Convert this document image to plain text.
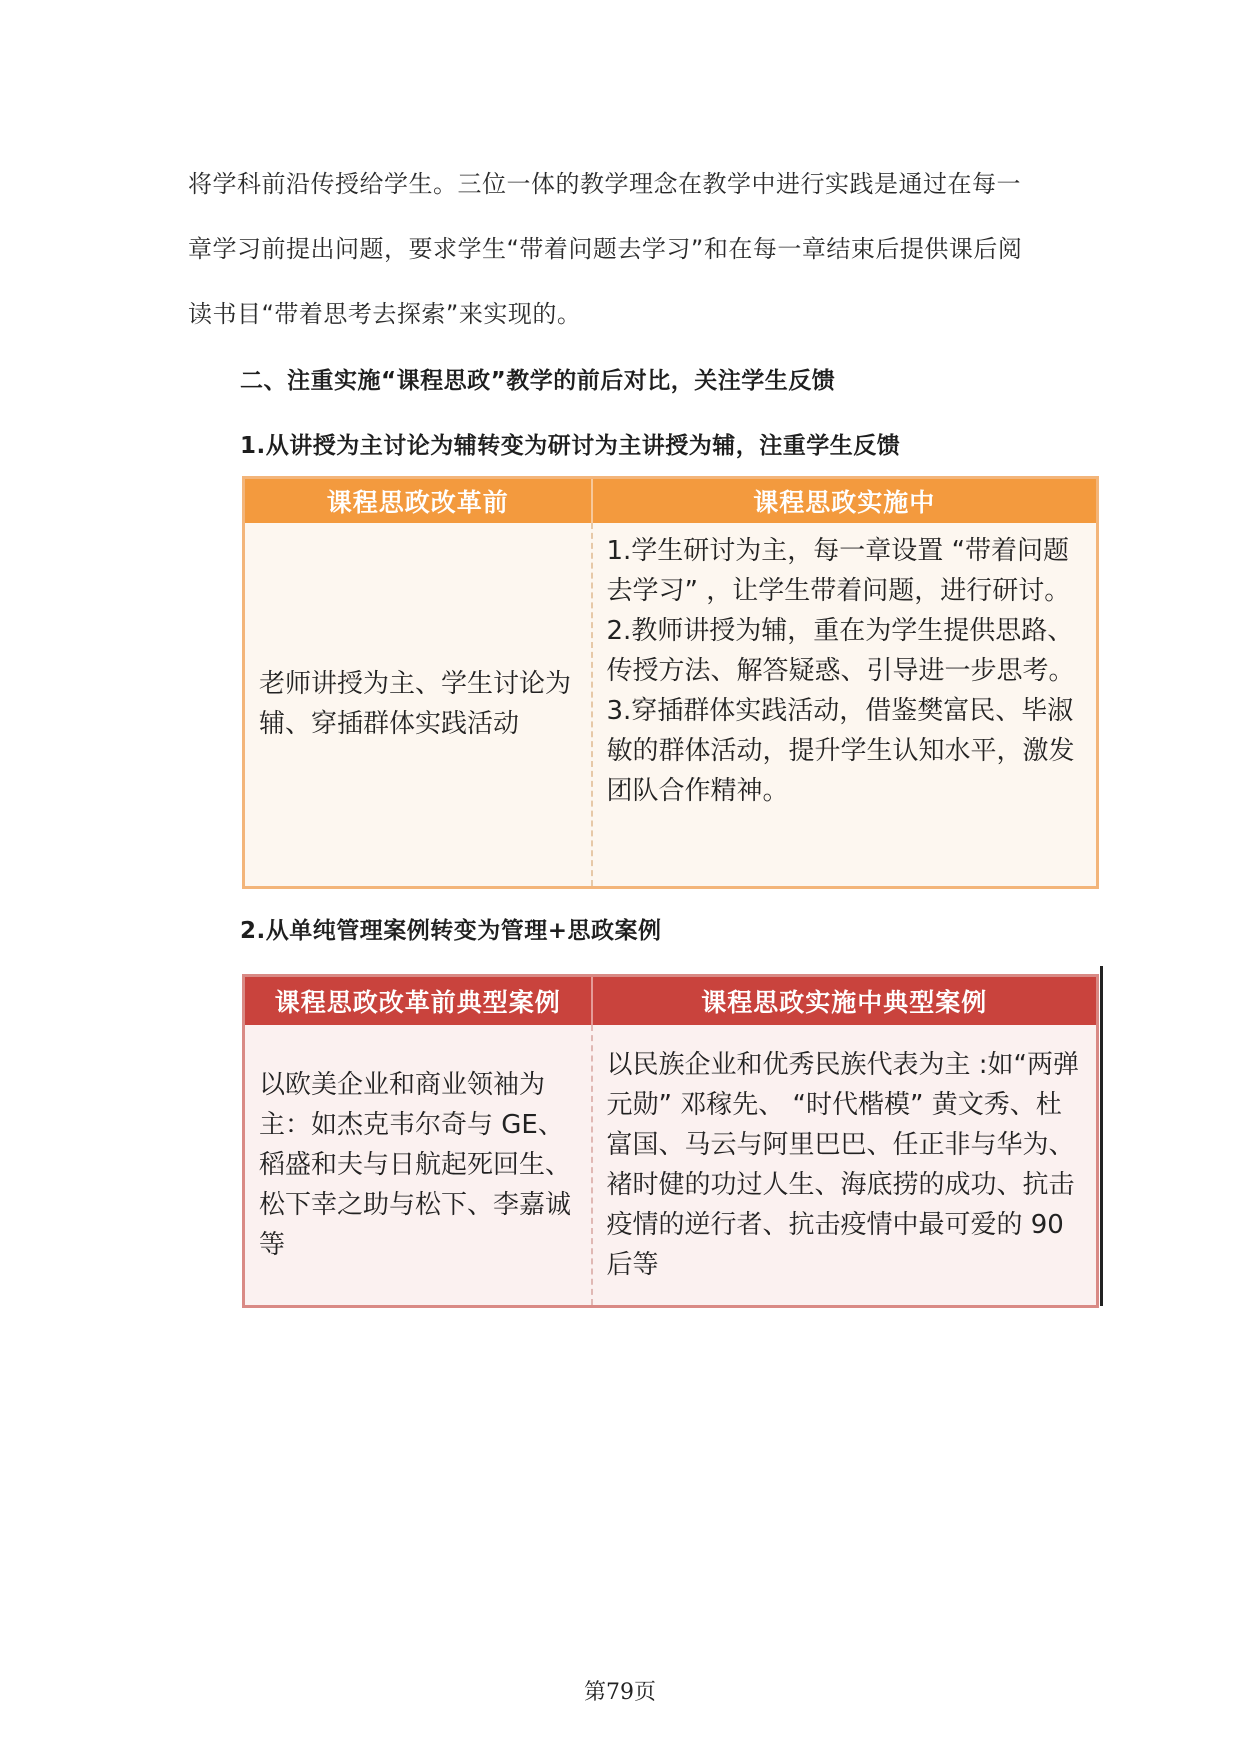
将学科前沿传授给学生。三位一体的教学理念在教学中进行实践是通过在每一

章学习前提出问题，要求学生“带着问题去学习”和在每一章结束后提供课后阅

读书目“带着思考去探索”来实现的。

二、注重实施“课程思政”教学的前后对比，关注学生反馈
1.从讲授为主讨论为辅转变为研讨为主讲授为辅，注重学生反馈
课程思政改革前	课程思政实施中
老师讲授为主、学生讨论为辅、穿插群体实践活动	1.学生研讨为主，每一章设置 “带着问题去学习” ，让学生带着问题，进行研讨。
2.教师讲授为辅，重在为学生提供思路、传授方法、解答疑惑、引导进一步思考。
3.穿插群体实践活动，借鉴樊富民、毕淑敏的群体活动，提升学生认知水平，激发团队合作精神。
2.从单纯管理案例转变为管理+思政案例
课程思政改革前典型案例	课程思政实施中典型案例
以欧美企业和商业领袖为主：如杰克韦尔奇与 GE、稻盛和夫与日航起死回生、松下幸之助与松下、李嘉诚等	以民族企业和优秀民族代表为主 :如“两弹元勋” 邓稼先、 “时代楷模” 黄文秀、杜富国、马云与阿里巴巴、任正非与华为、褚时健的功过人生、海底捞的成功、抗击疫情的逆行者、抗击疫情中最可爱的 90 后等
第79页
